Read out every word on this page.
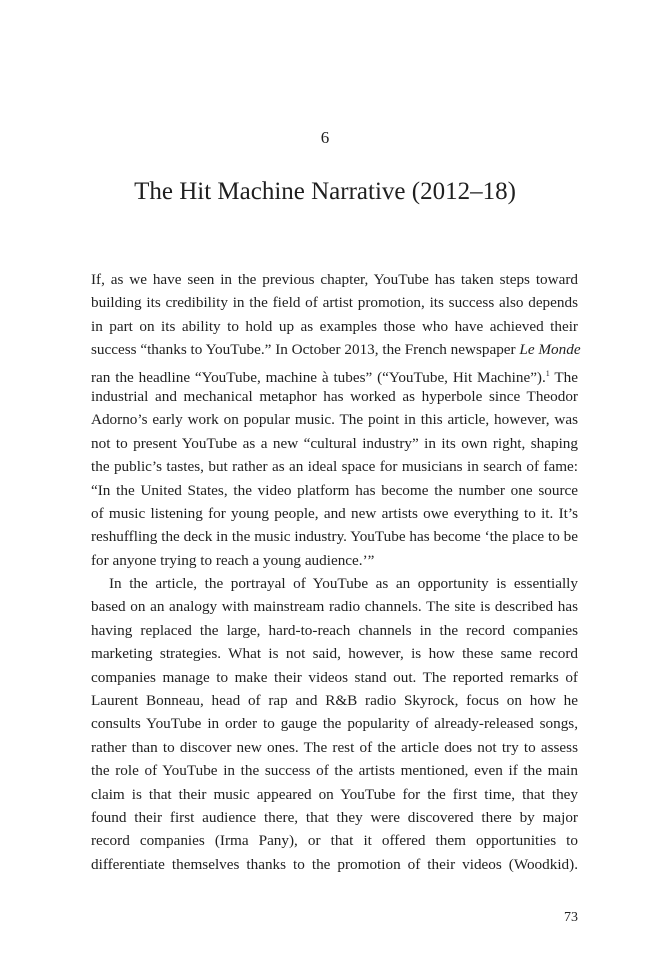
6
The Hit Machine Narrative (2012–18)
If, as we have seen in the previous chapter, YouTube has taken steps toward
building its credibility in the field of artist promotion, its success also depends
in part on its ability to hold up as examples those who have achieved their
success “thanks to YouTube.” In October 2013, the French newspaper Le Monde
ran the headline “YouTube, machine à tubes” (“YouTube, Hit Machine”).$^1$ The
industrial and mechanical metaphor has worked as hyperbole since Theodor
Adorno’s early work on popular music. The point in this article, however, was
not to present YouTube as a new “cultural industry” in its own right, shaping
the public’s tastes, but rather as an ideal space for musicians in search of fame:
“In the United States, the video platform has become the number one source
of music listening for young people, and new artists owe everything to it. It’s
reshuffling the deck in the music industry. YouTube has become ‘the place to be
for anyone trying to reach a young audience.’”
In the article, the portrayal of YouTube as an opportunity is essentially
based on an analogy with mainstream radio channels. The site is described has
having replaced the large, hard-to-reach channels in the record companies
marketing strategies. What is not said, however, is how these same record
companies manage to make their videos stand out. The reported remarks of
Laurent Bonneau, head of rap and R&B radio Skyrock, focus on how he
consults YouTube in order to gauge the popularity of already-released songs,
rather than to discover new ones. The rest of the article does not try to assess
the role of YouTube in the success of the artists mentioned, even if the main
claim is that their music appeared on YouTube for the first time, that they
found their first audience there, that they were discovered there by major
record companies (Irma Pany), or that it offered them opportunities to
differentiate themselves thanks to the promotion of their videos (Woodkid).
73
